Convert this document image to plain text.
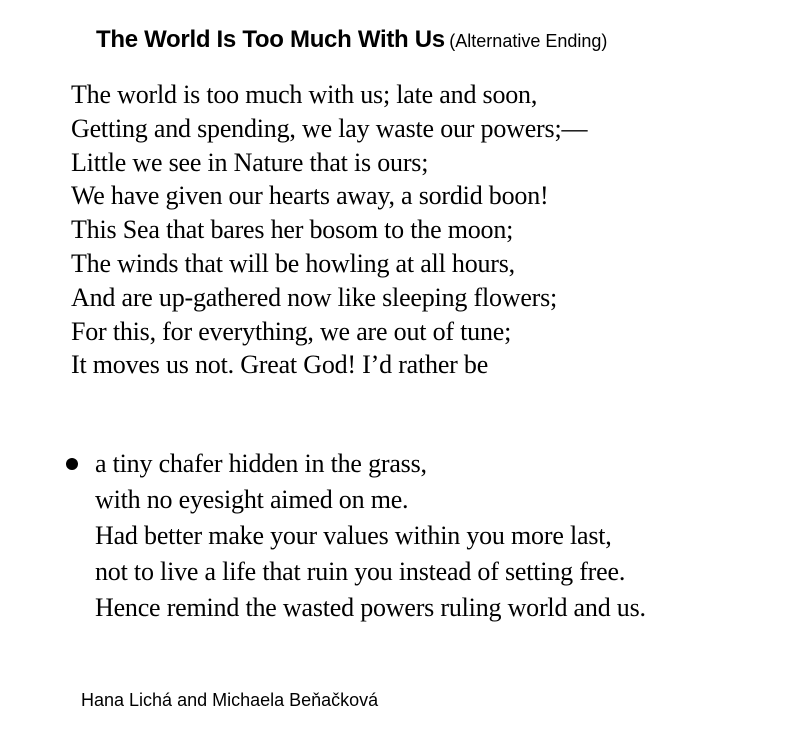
The World Is Too Much With Us (Alternative Ending)
The world is too much with us; late and soon,
Getting and spending, we lay waste our powers;—
Little we see in Nature that is ours;
We have given our hearts away, a sordid boon!
This Sea that bares her bosom to the moon;
The winds that will be howling at all hours,
And are up-gathered now like sleeping flowers;
For this, for everything, we are out of tune;
It moves us not. Great God! I’d rather be
a tiny chafer hidden in the grass,
with no eyesight aimed on me.
Had better make your values within you more last,
not to live a life that ruin you instead of setting free.
Hence remind the wasted powers ruling world and us.
Hana Lichá and Michaela Beňačková
